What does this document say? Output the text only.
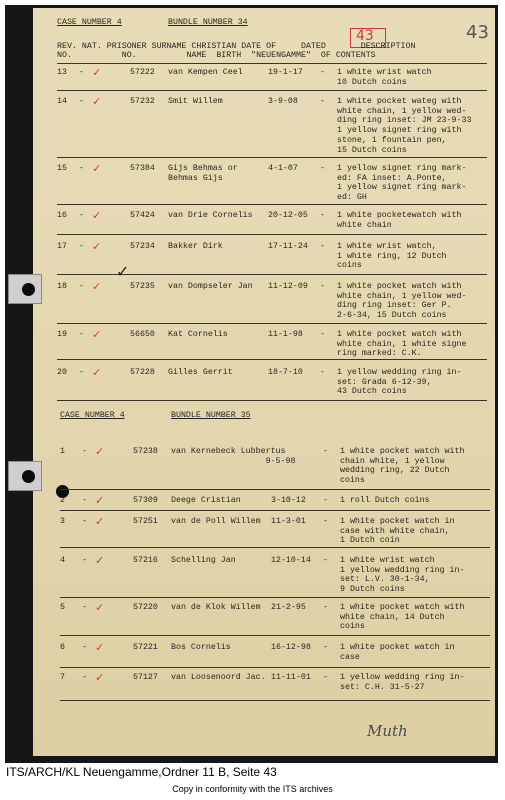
43	43
CASE NUMBER 4	BUNDLE NUMBER 34
REV. NAT. PRISONER SURNAME CHRISTIAN DATE OF     DATED       DESCRIPTION
NO.          NO.          NAME  BIRTH  "NEUENGAMME"  OF CONTENTS
13 - ✓	57222 van Kempen Ceel	19-1-17 - 1 white wrist watch
10 Dutch coins
14 - ✓	57232 Smit Willem	3-9-08	- 1 white pocket wateg with
white chain, 1 yellow wed-
ding ring inset: JM 23-9-33
1 yellow signet ring with
stone, 1 fountain pen,
15 Dutch coins
15 - ✓	57384 Gijs Behmas or
Behmas Gijs
4-1-07	- 1 yellow signet ring mark-
ed: FA inset: A.Ponte,
1 yellow signet ring mark-
ed: GH
16 - ✓	57424 van Drie Cornelis 20-12-05 - 1 white pocketewatch with
white chain
17 - ✓	57234 Bakker Dirk	17-11-24 - 1 white wrist watch,
1 white ring, 12 Dutch
coins
18 - ✓	57235 van Dompseler Jan 11-12-09 - 1 white pocket watch with
white chain, 1 yellow wed-
ding ring inset: Ger P.
2-6-34, 15 Dutch coins
19 - ✓	56650 Kat Cornelis	11-1-98 - 1 white pocket watch with
white chain, 1 white signe
ring marked: C.K.
20 - ✓	57228 Gilles Gerrit	18-7-10 - 1 yellow wedding ring in-
set: Grada 6-12-39,
43 Dutch coins
CASE NUMBER 4	BUNDLE NUMBER 35
1 - ✓	57238 van Kernebeck Lubbertus
9-5-98
- 1 white pocket watch with
chain white, 1 yellow
wedding ring, 22 Dutch
coins
2 - ✓	57309 Deege Cristian	3-10-12 - 1 roll Dutch coins
3 - ✓	57251 van de Poll Willem 11-3-01 - 1 white pocket watch in
case with white chain,
1 Dutch coin
4 - ✓	57216 Schelling Jan	12-10-14 - 1 white wrist watch
1 yellow wedding ring in-
set: L.V. 30-1-34,
9 Dutch coins
5 - ✓	57220 van de Klok Willem 21-2-95 - 1 white pocket watch with
white chain, 14 Dutch
coins
6 - ✓	57221 Bos Cornelis	16-12-98 - 1 white pocket watch in
case
7 - ✓	57127 van Loosenoord Jac. 11-11-01 - 1 yellow wedding ring in-
set: C.H. 31-5-27
✓
Muth
ITS/ARCH/KL Neuengamme,Ordner 11 B, Seite 43
Copy in conformity with the ITS archives
